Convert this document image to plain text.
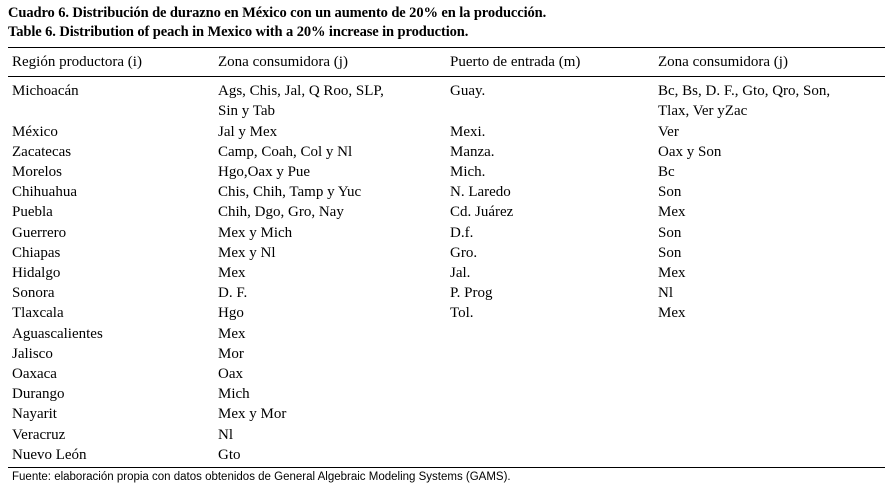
Cuadro 6. Distribución de durazno en México con un aumento de 20% en la producción.
Table 6. Distribution of peach in Mexico with a 20% increase in production.
Región productora (i)	Zona consumidora (j)	Puerto de entrada (m)	Zona consumidora (j)
Michoacán	Ags, Chis, Jal, Q Roo, SLP,	Guay.	Bc, Bs, D. F., Gto, Qro, Son,
	Sin y Tab		Tlax, Ver yZac
México	Jal y Mex	Mexi.	Ver
Zacatecas	Camp, Coah, Col y Nl	Manza.	Oax y Son
Morelos	Hgo,Oax y Pue	Mich.	Bc
Chihuahua	Chis, Chih, Tamp y Yuc	N. Laredo	Son
Puebla	Chih, Dgo, Gro, Nay	Cd. Juárez	Mex
Guerrero	Mex y Mich	D.f.	Son
Chiapas	Mex y Nl	Gro.	Son
Hidalgo	Mex	Jal.	Mex
Sonora	D. F.	P. Prog	Nl
Tlaxcala	Hgo	Tol.	Mex
Aguascalientes	Mex		
Jalisco	Mor		
Oaxaca	Oax		
Durango	Mich		
Nayarit	Mex y Mor		
Veracruz	Nl		
Nuevo León	Gto		
Fuente: elaboración propia con datos obtenidos de General Algebraic Modeling Systems (GAMS).
